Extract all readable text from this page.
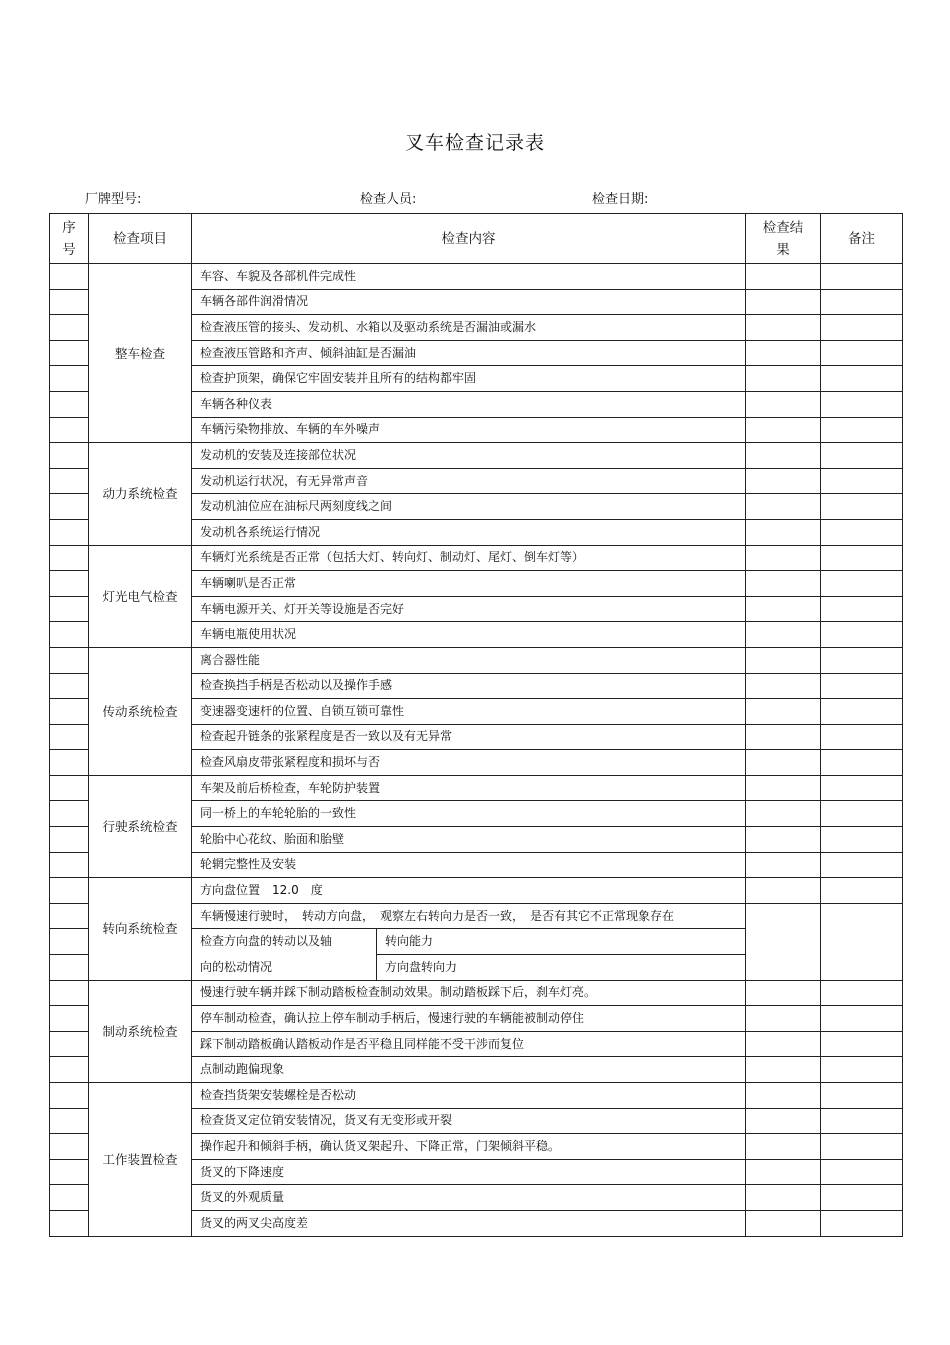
叉车检查记录表
厂牌型号:	检查人员:	检查日期:
序号	检查项目	检查内容		检查结果	备注
	整车检查	车容、车貌及各部机件完成性			
		车辆各部件润滑情况			
		检查液压管的接头、发动机、水箱以及驱动系统是否漏油或漏水			
		检查液压管路和齐声、倾斜油缸是否漏油			
		检查护顶架，确保它牢固安装并且所有的结构都牢固			
		车辆各种仪表			
		车辆污染物排放、车辆的车外噪声			
	动力系统检查	发动机的安装及连接部位状况			
		发动机运行状况，有无异常声音			
		发动机油位应在油标尺两刻度线之间			
		发动机各系统运行情况			
	灯光电气检查	车辆灯光系统是否正常（包括大灯、转向灯、制动灯、尾灯、倒车灯等）			
		车辆喇叭是否正常			
		车辆电源开关、灯开关等设施是否完好			
		车辆电瓶使用状况			
	传动系统检查	离合器性能			
		检查换挡手柄是否松动以及操作手感			
		变速器变速杆的位置、自锁互锁可靠性			
		检查起升链条的张紧程度是否一致以及有无异常			
		检查风扇皮带张紧程度和损坏与否			
	行驶系统检查	车架及前后桥检查，车轮防护装置			
		同一桥上的车轮轮胎的一致性			
		轮胎中心花纹、胎面和胎壁			
		轮辋完整性及安装			
	转向系统检查	方向盘位置　12.0　度			
		车辆慢速行驶时，　转动方向盘，　观察左右转向力是否一致，　是否有其它不正常现象存在			
		检查方向盘的转动以及轴	转向能力		
		向的松动情况	方向盘转向力		
	制动系统检查	慢速行驶车辆并踩下制动踏板检查制动效果。制动踏板踩下后，刹车灯亮。			
		停车制动检查，确认拉上停车制动手柄后，慢速行驶的车辆能被制动停住			
		踩下制动踏板确认踏板动作是否平稳且同样能不受干涉而复位			
		点制动跑偏现象			
	工作装置检查	检查挡货架安装螺栓是否松动			
		检查货叉定位销安装情况，货叉有无变形或开裂			
		操作起升和倾斜手柄，确认货叉架起升、下降正常，门架倾斜平稳。			
		货叉的下降速度			
		货叉的外观质量			
		货叉的两叉尖高度差			
